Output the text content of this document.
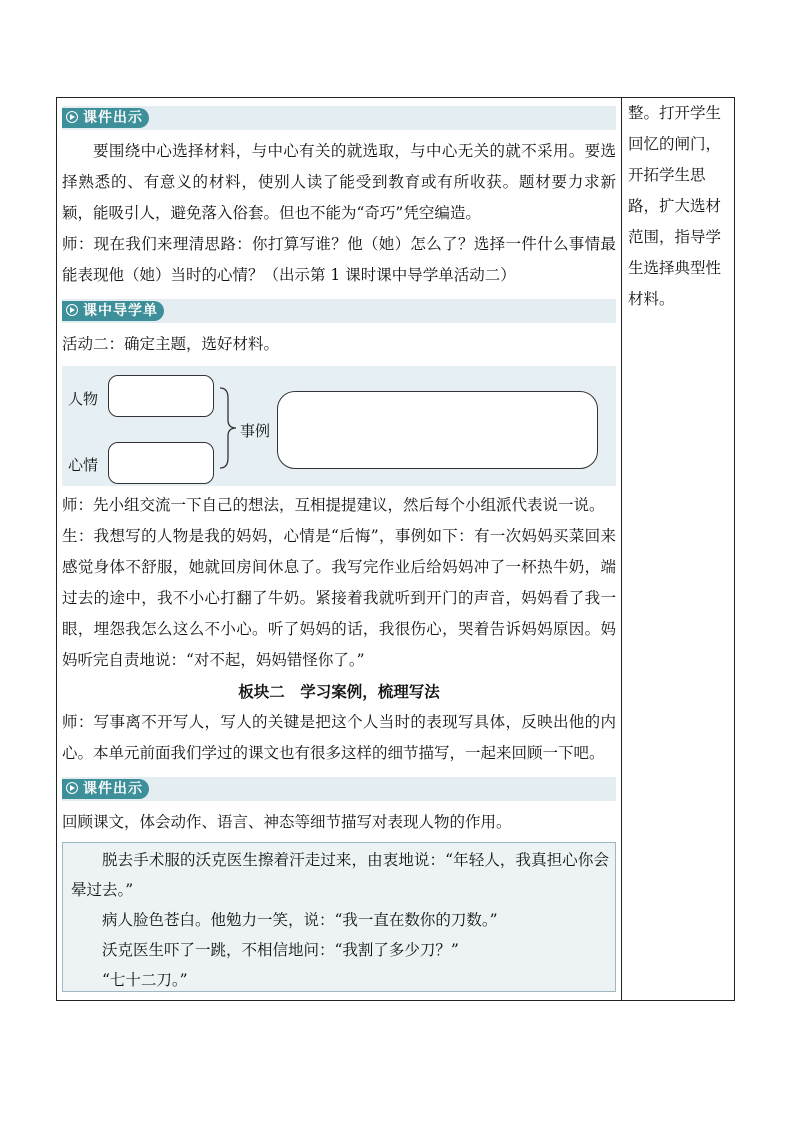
课件出示

要围绕中心选择材料，与中心有关的就选取，与中心无关的就不采用。要选择熟悉的、有意义的材料，使别人读了能受到教育或有所收获。题材要力求新颖，能吸引人，避免落入俗套。但也不能为“奇巧”凭空编造。

师：现在我们来理清思路：你打算写谁？他（她）怎么了？选择一件什么事情最能表现他（她）当时的心情？（出示第 1 课时课中导学单活动二）

课中导学单

活动二：确定主题，选好材料。

人物
心情
事例

师：先小组交流一下自己的想法，互相提提建议，然后每个小组派代表说一说。

生：我想写的人物是我的妈妈，心情是“后悔”，事例如下：有一次妈妈买菜回来感觉身体不舒服，她就回房间休息了。我写完作业后给妈妈冲了一杯热牛奶，端过去的途中，我不小心打翻了牛奶。紧接着我就听到开门的声音，妈妈看了我一眼，埋怨我怎么这么不小心。听了妈妈的话，我很伤心，哭着告诉妈妈原因。妈妈听完自责地说：“对不起，妈妈错怪你了。”

板块二　学习案例，梳理写法

师：写事离不开写人，写人的关键是把这个人当时的表现写具体，反映出他的内心。本单元前面我们学过的课文也有很多这样的细节描写，一起来回顾一下吧。

课件出示

回顾课文，体会动作、语言、神态等细节描写对表现人物的作用。

脱去手术服的沃克医生擦着汗走过来，由衷地说：“年轻人，我真担心你会晕过去。”

病人脸色苍白。他勉力一笑，说：“我一直在数你的刀数。”

沃克医生吓了一跳，不相信地问：“我割了多少刀？”

“七十二刀。”

整。打开学生回忆的闸门，开拓学生思路，扩大选材范围，指导学生选择典型性材料。
